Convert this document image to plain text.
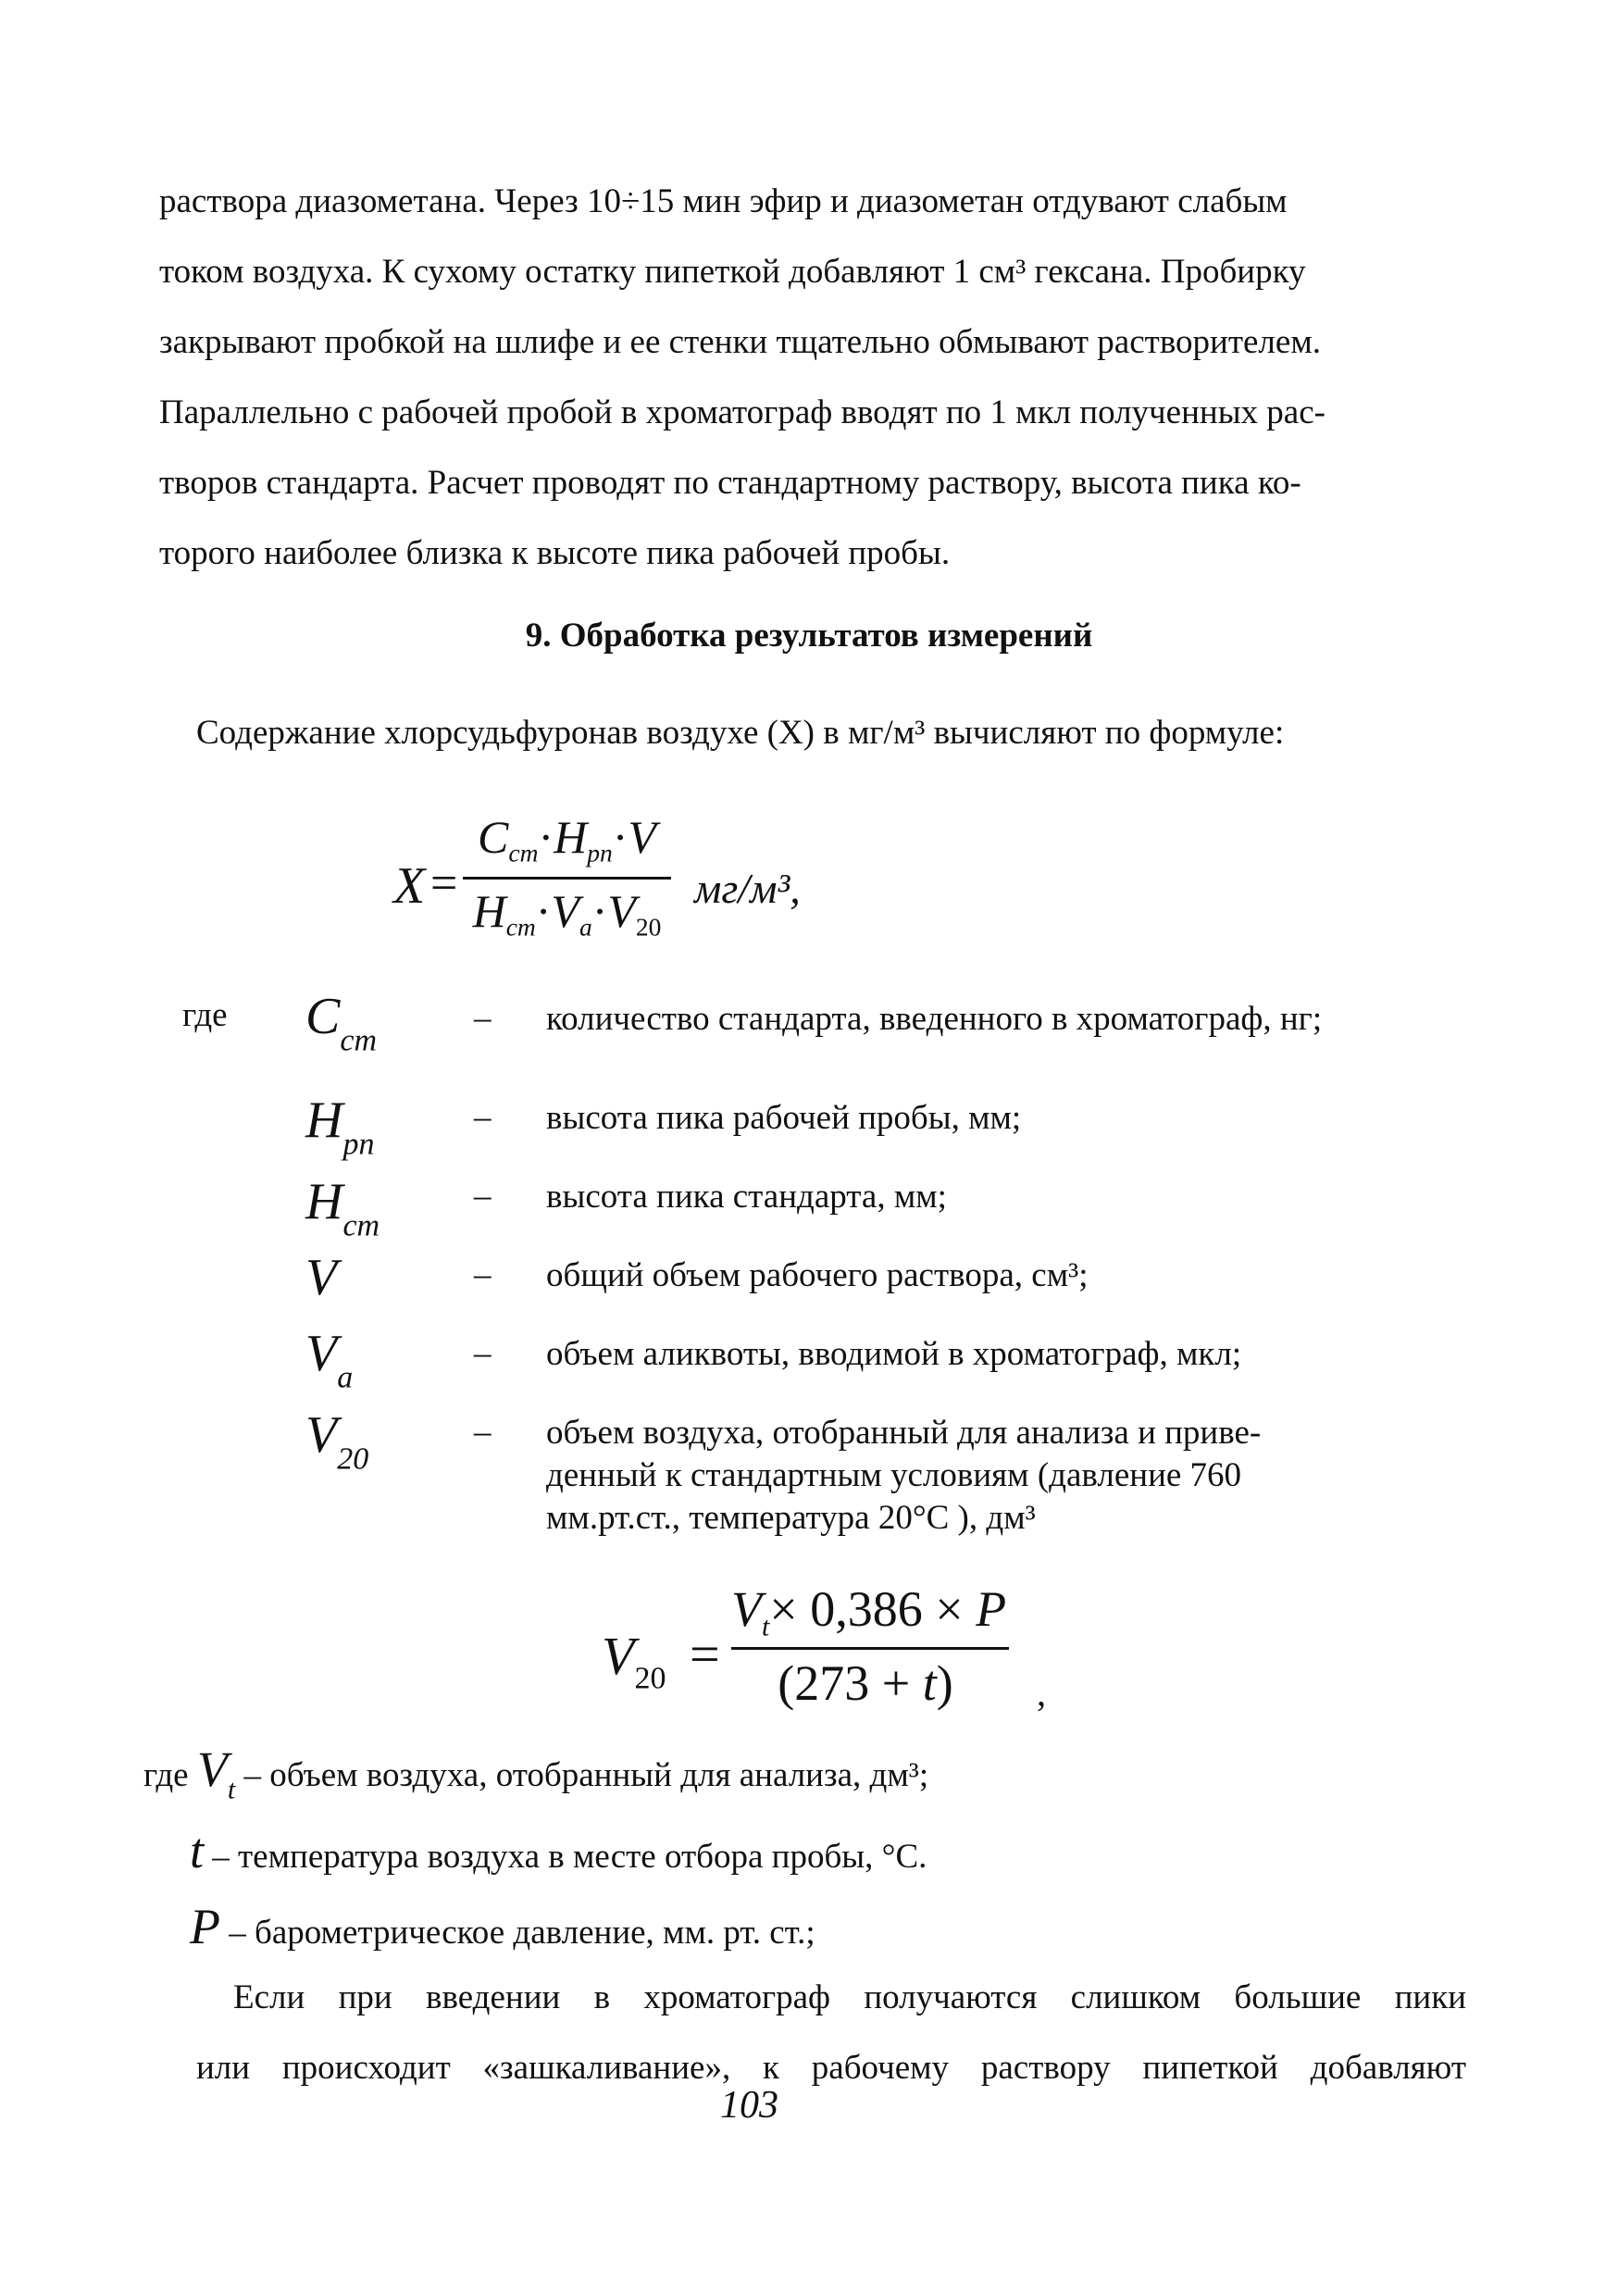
раствора диазометана. Через 10÷15 мин эфир и диазометан отдувают слабым

током воздуха. К сухому остатку пипеткой добавляют 1 см³ гексана. Пробирку

закрывают пробкой на шлифе и ее стенки тщательно обмывают растворителем.

Параллельно с рабочей пробой в хроматограф вводят по 1 мкл полученных рас-

творов стандарта. Расчет проводят по стандартному раствору, высота пика ко-

торого наиболее близка к высоте пика рабочей пробы.

9. Обработка результатов измерений
Содержание хлорсудьфуронав воздухе (X) в мг/м³ вычисляют по формуле:
X =
$C_{ст}\cdot H_{рп}\cdot V$
$H_{ст}\cdot V_a\cdot V_{20}$
мг/м³,
где $C_{ст}$
– количество стандарта, введенного в хроматограф, нг;
$H_{рп}$
– высота пика рабочей пробы, мм;
$H_{ст}$
– высота пика стандарта, мм;
V	– общий объем рабочего раствора, см³;
$V_a$
– объем аликвоты, вводимой в хроматограф, мкл;
$V_{20}$
– объем воздуха, отобранный для анализа и приве-денный к стандартным условиям (давление 760 мм.рт.ст., температура 20°С ), дм³
$V_{20}$ =
$V_t\times 0,386 \times P$
(273 + t)	,
где $V_t$ – объем воздуха, отобранный для анализа, дм³;
t – температура воздуха в месте отбора пробы, °С.
P – барометрическое давление, мм. рт. ст.;

Если при введении в хроматограф получаются слишком большие пики

или происходит «зашкаливание», к рабочему раствору пипеткой добавляют

103
